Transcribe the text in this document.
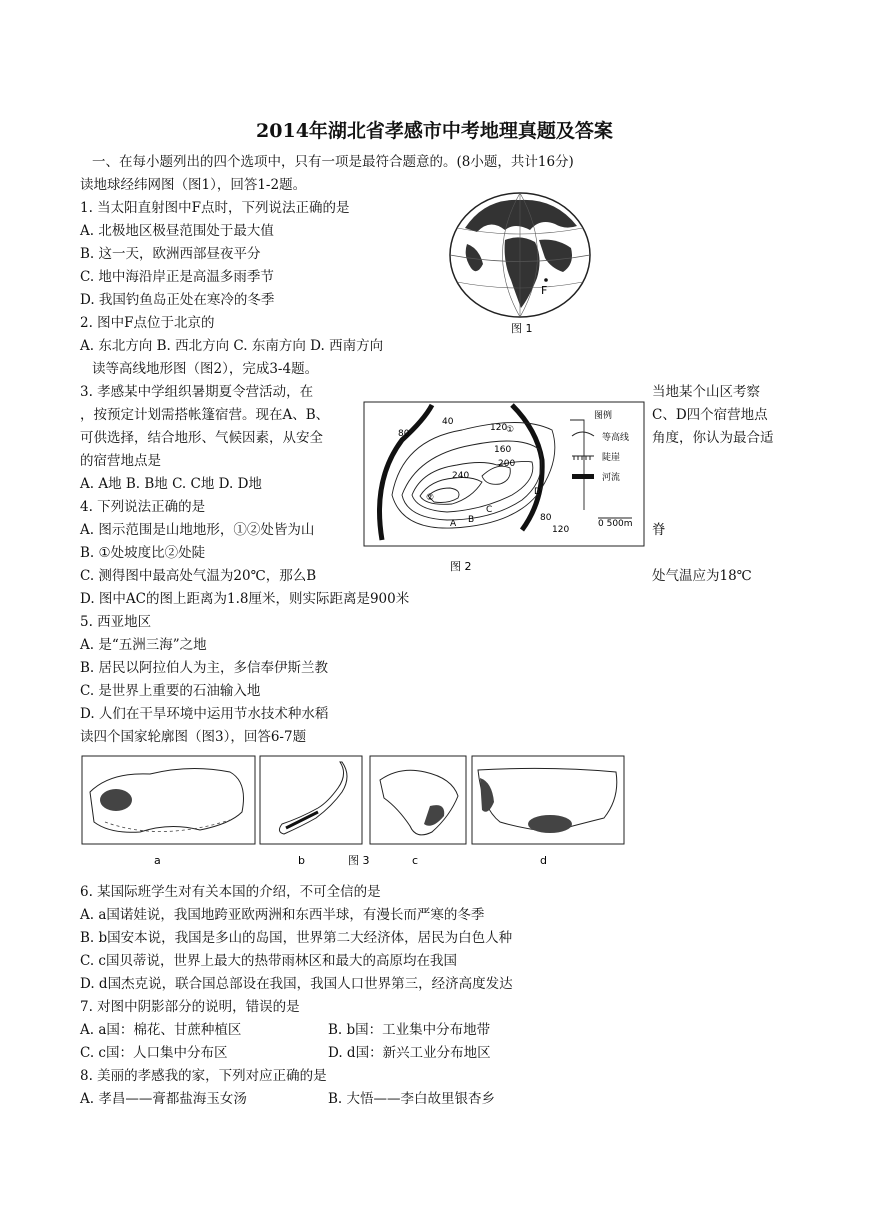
2014年湖北省孝感市中考地理真题及答案
一、在每小题列出的四个选项中，只有一项是最符合题意的。(8小题，共计16分)
读地球经纬网图（图1），回答1-2题。
1. 当太阳直射图中F点时，下列说法正确的是
A. 北极地区极昼范围处于最大值
B. 这一天，欧洲西部昼夜平分
C. 地中海沿岸正是高温多雨季节
D. 我国钓鱼岛正处在寒冷的冬季
2. 图中F点位于北京的
A. 东北方向 B. 西北方向 C. 东南方向 D. 西南方向
读等高线地形图（图2），完成3-4题。
3. 孝感某中学组织暑期夏令营活动，在	当地某个山区考察
，按预定计划需搭帐篷宿营。现在A、B、	C、D四个宿营地点
可供选择，结合地形、气候因素，从安全	角度，你认为最合适
的宿营地点是
A. A地 B. B地 C. C地 D. D地
4. 下列说法正确的是
A. 图示范围是山地地形，①②处皆为山	脊
B. ①处坡度比②处陡
C. 测得图中最高处气温为20℃，那么B	处气温应为18℃
D. 图中AC的图上距离为1.8厘米，则实际距离是900米
5. 西亚地区
A. 是“五洲三海”之地
B. 居民以阿拉伯人为主，多信奉伊斯兰教
C. 是世界上重要的石油输入地
D. 人们在干旱环境中运用节水技术种水稻
读四个国家轮廓图（图3），回答6-7题
6. 某国际班学生对有关本国的介绍，不可全信的是
A. a国诺娃说，我国地跨亚欧两洲和东西半球，有漫长而严寒的冬季
B. b国安本说，我国是多山的岛国，世界第二大经济体，居民为白色人种
C. c国贝蒂说，世界上最大的热带雨林区和最大的高原均在我国
D. d国杰克说，联合国总部设在我国，我国人口世界第三，经济高度发达
7. 对图中阴影部分的说明，错误的是
A. a国：棉花、甘蔗种植区	B. b国：工业集中分布地带
C. c国：人口集中分布区	D. d国：新兴工业分布地区
8. 美丽的孝感我的家，下列对应正确的是
A. 孝昌——膏都盐海玉女汤	B. 大悟——李白故里银杏乡
F
图 1
40
80
120
160
200
240
80
120
②
①
A B
C
D
图例
等高线
陡崖
河流
0 500m
图 2
a	b	图 3	c	d
